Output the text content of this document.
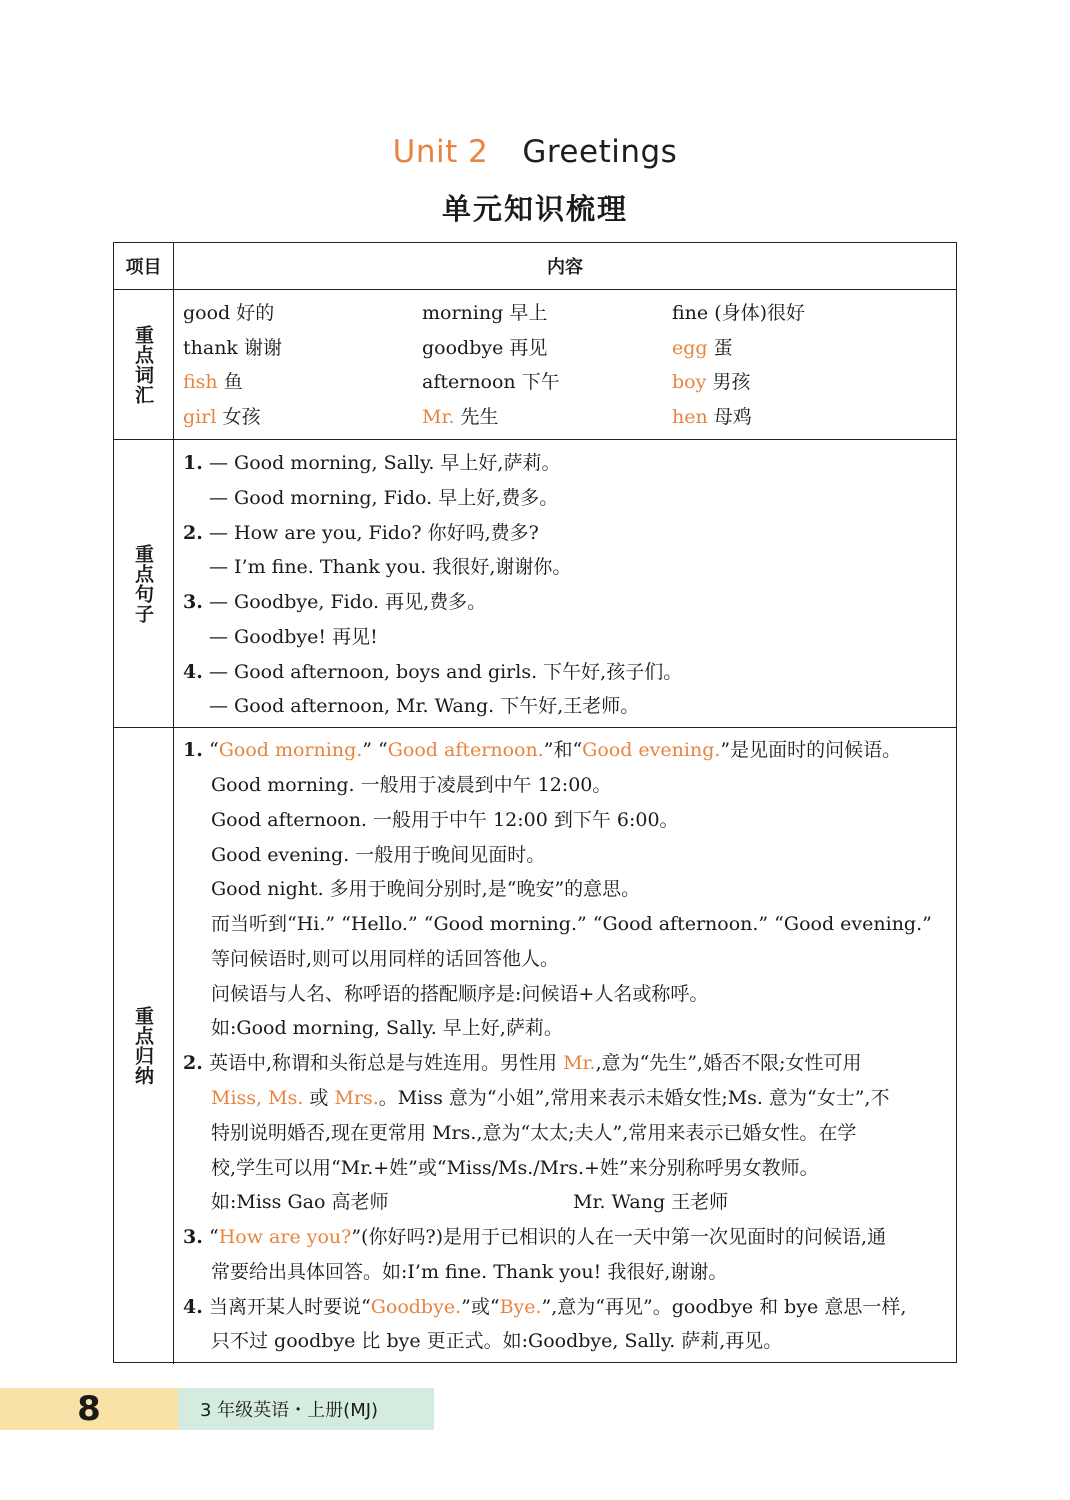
Unit 2 Greetings
单元知识梳理
项目	内容
重点词汇
good 好的	morning 早上	fine (身体)很好
thank 谢谢	goodbye 再见	egg 蛋
fish 鱼	afternoon 下午	boy 男孩
girl 女孩	Mr. 先生	hen 母鸡
重点句子
1. — Good morning, Sally. 早上好,萨莉。
— Good morning, Fido. 早上好,费多。
2. — How are you, Fido? 你好吗,费多?
— I’m fine. Thank you. 我很好,谢谢你。
3. — Goodbye, Fido. 再见,费多。
— Goodbye! 再见!
4. — Good afternoon, boys and girls. 下午好,孩子们。
— Good afternoon, Mr. Wang. 下午好,王老师。
重点归纳
1. “Good morning.” “Good afternoon.”和“Good evening.”是见面时的问候语。
Good morning. 一般用于凌晨到中午 12:00。
Good afternoon. 一般用于中午 12:00 到下午 6:00。
Good evening. 一般用于晚间见面时。
Good night. 多用于晚间分别时,是“晚安”的意思。
而当听到“Hi.” “Hello.” “Good morning.” “Good afternoon.” “Good evening.”
等问候语时,则可以用同样的话回答他人。
问候语与人名、称呼语的搭配顺序是:问候语+人名或称呼。
如:Good morning, Sally. 早上好,萨莉。
2. 英语中,称谓和头衔总是与姓连用。男性用 Mr.,意为“先生”,婚否不限;女性可用
Miss, Ms. 或 Mrs.。Miss 意为“小姐”,常用来表示未婚女性;Ms. 意为“女士”,不
特别说明婚否,现在更常用 Mrs.,意为“太太;夫人”,常用来表示已婚女性。在学
校,学生可以用“Mr.+姓”或“Miss/Ms./Mrs.+姓”来分别称呼男女教师。
如:Miss Gao 高老师	Mr. Wang 王老师
3. “How are you?”(你好吗?)是用于已相识的人在一天中第一次见面时的问候语,通
常要给出具体回答。如:I’m fine. Thank you! 我很好,谢谢。
4. 当离开某人时要说“Goodbye.”或“Bye.”,意为“再见”。goodbye 和 bye 意思一样,
只不过 goodbye 比 bye 更正式。如:Goodbye, Sally. 萨莉,再见。
8	3 年级英语・上册(MJ)
